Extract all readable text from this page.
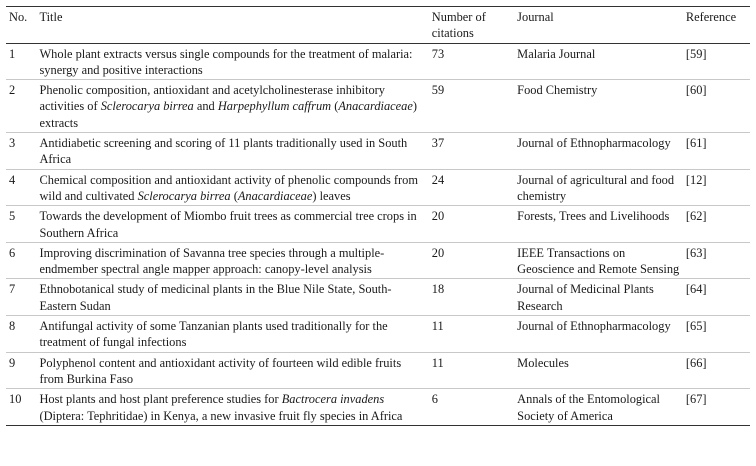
No.	Title	Number of citations	Journal	Reference
1	Whole plant extracts versus single compounds for the treatment of malaria: synergy and positive interactions	73	Malaria Journal	[59]
2	Phenolic composition, antioxidant and acetylcholinesterase inhibitory activities of Sclerocarya birrea and Harpephyllum caffrum (Anacardiaceae) extracts	59	Food Chemistry	[60]
3	Antidiabetic screening and scoring of 11 plants traditionally used in South Africa	37	Journal of Ethnopharmacology	[61]
4	Chemical composition and antioxidant activity of phenolic compounds from wild and cultivated Sclerocarya birrea (Anacardiaceae) leaves	24	Journal of agricultural and food chemistry	[12]
5	Towards the development of Miombo fruit trees as commercial tree crops in Southern Africa	20	Forests, Trees and Livelihoods	[62]
6	Improving discrimination of Savanna tree species through a multiple-endmember spectral angle mapper approach: canopy-level analysis	20	IEEE Transactions on Geoscience and Remote Sensing	[63]
7	Ethnobotanical study of medicinal plants in the Blue Nile State, South-Eastern Sudan	18	Journal of Medicinal Plants Research	[64]
8	Antifungal activity of some Tanzanian plants used traditionally for the treatment of fungal infections	11	Journal of Ethnopharmacology	[65]
9	Polyphenol content and antioxidant activity of fourteen wild edible fruits from Burkina Faso	11	Molecules	[66]
10	Host plants and host plant preference studies for Bactrocera invadens (Diptera: Tephritidae) in Kenya, a new invasive fruit fly species in Africa	6	Annals of the Entomological Society of America	[67]
